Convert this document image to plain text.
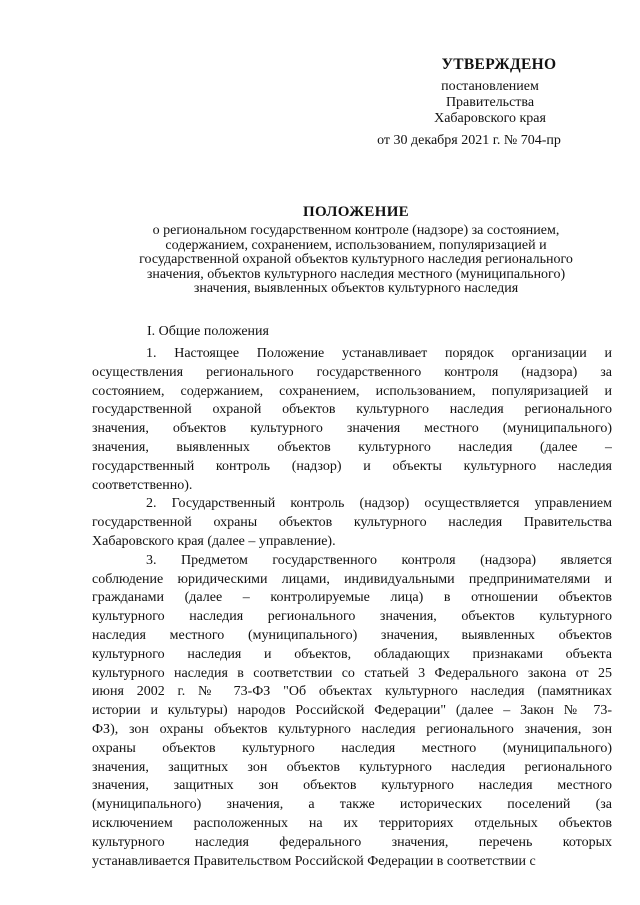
УТВЕРЖДЕНО
постановлением
Правительства
Хабаровского края
от 30 декабря 2021 г. № 704-пр
ПОЛОЖЕНИЕ
о региональном государственном контроле (надзоре) за состоянием,
содержанием, сохранением, использованием, популяризацией и
государственной охраной объектов культурного наследия регионального
значения, объектов культурного наследия местного (муниципального)
значения, выявленных объектов культурного наследия
I. Общие положения
1. Настоящее Положение устанавливает порядок организации и
осуществления регионального государственного контроля (надзора) за
состоянием, содержанием, сохранением, использованием, популяризацией и
государственной охраной объектов культурного наследия регионального
значения, объектов культурного значения местного (муниципального)
значения, выявленных объектов культурного наследия (далее –
государственный контроль (надзор) и объекты культурного наследия
соответственно).
2. Государственный контроль (надзор) осуществляется управлением
государственной охраны объектов культурного наследия Правительства
Хабаровского края (далее – управление).
3. Предметом государственного контроля (надзора) является
соблюдение юридическими лицами, индивидуальными предпринимателями и
гражданами (далее – контролируемые лица) в отношении объектов
культурного наследия регионального значения, объектов культурного
наследия местного (муниципального) значения, выявленных объектов
культурного наследия и объектов, обладающих признаками объекта
культурного наследия в соответствии со статьей 3 Федерального закона от 25
июня 2002 г. № 73-ФЗ "Об объектах культурного наследия (памятниках
истории и культуры) народов Российской Федерации" (далее – Закон № 73-
ФЗ), зон охраны объектов культурного наследия регионального значения, зон
охраны объектов культурного наследия местного (муниципального)
значения, защитных зон объектов культурного наследия регионального
значения, защитных зон объектов культурного наследия местного
(муниципального) значения, а также исторических поселений (за
исключением расположенных на их территориях отдельных объектов
культурного наследия федерального значения, перечень которых
устанавливается Правительством Российской Федерации в соответствии с
